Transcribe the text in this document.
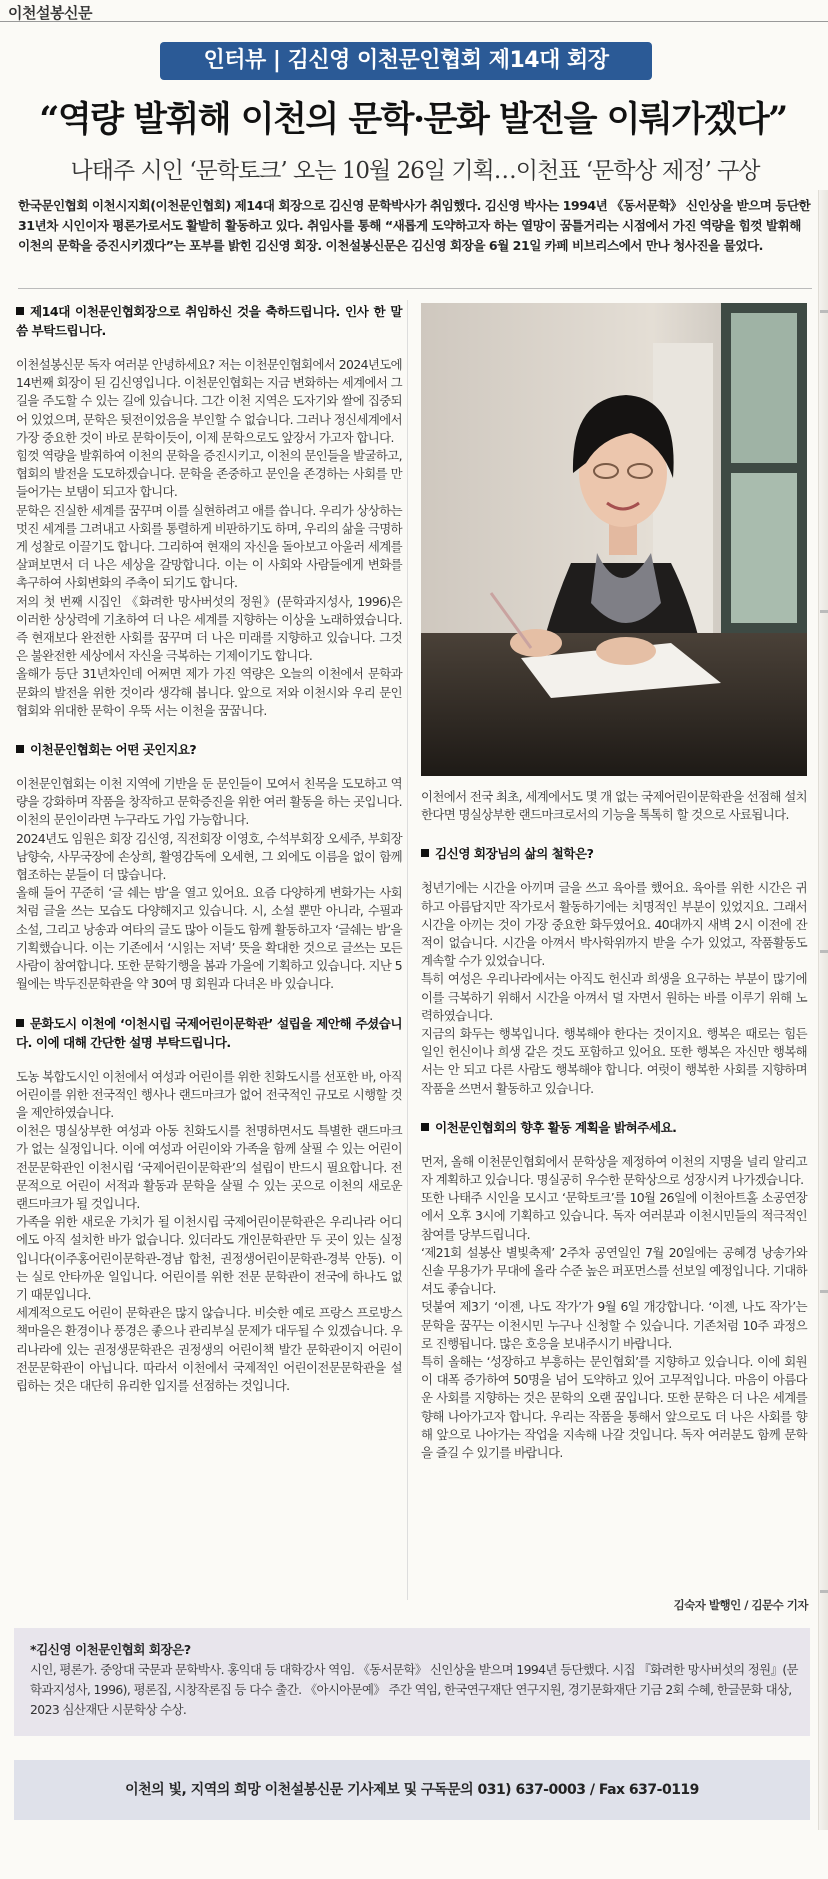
이천설봉신문
인터뷰 | 김신영 이천문인협회 제14대 회장
“역량 발휘해 이천의 문학·문화 발전을 이뤄가겠다”
나태주 시인 ‘문학토크’ 오는 10월 26일 기획…이천표 ‘문학상 제정’ 구상
한국문인협회 이천시지회(이천문인협회) 제14대 회장으로 김신영 문학박사가 취임했다. 김신영 박사는 1994년 《동서문학》 신인상을 받으며 등단한 31년차 시인이자 평론가로서도 활발히 활동하고 있다. 취임사를 통해 “새롭게 도약하고자 하는 열망이 꿈틀거리는 시점에서 가진 역량을 힘껏 발휘해 이천의 문학을 증진시키겠다”는 포부를 밝힌 김신영 회장. 이천설봉신문은 김신영 회장을 6월 21일 카페 비브리스에서 만나 청사진을 물었다.
제14대 이천문인협회장으로 취임하신 것을 축하드립니다. 인사 한 말씀 부탁드립니다.

이천설봉신문 독자 여러분 안녕하세요? 저는 이천문인협회에서 2024년도에 14번째 회장이 된 김신영입니다. 이천문인협회는 지금 변화하는 세계에서 그 길을 주도할 수 있는 길에 있습니다. 그간 이천 지역은 도자기와 쌀에 집중되어 있었으며, 문학은 뒷전이었음을 부인할 수 없습니다. 그러나 정신세계에서 가장 중요한 것이 바로 문학이듯이, 이제 문학으로도 앞장서 가고자 합니다.

힘껏 역량을 발휘하여 이천의 문학을 증진시키고, 이천의 문인들을 발굴하고, 협회의 발전을 도모하겠습니다. 문학을 존중하고 문인을 존경하는 사회를 만들어가는 보탬이 되고자 합니다.

문학은 진실한 세계를 꿈꾸며 이를 실현하려고 애를 씁니다. 우리가 상상하는 멋진 세계를 그려내고 사회를 통렬하게 비판하기도 하며, 우리의 삶을 극명하게 성찰로 이끌기도 합니다. 그리하여 현재의 자신을 돌아보고 아울러 세계를 살펴보면서 더 나은 세상을 갈망합니다. 이는 이 사회와 사람들에게 변화를 촉구하여 사회변화의 주축이 되기도 합니다.

저의 첫 번째 시집인 《화려한 망사버섯의 정원》(문학과지성사, 1996)은 이러한 상상력에 기초하여 더 나은 세계를 지향하는 이상을 노래하였습니다. 즉 현재보다 완전한 사회를 꿈꾸며 더 나은 미래를 지향하고 있습니다. 그것은 불완전한 세상에서 자신을 극복하는 기제이기도 합니다.

올해가 등단 31년차인데 어쩌면 제가 가진 역량은 오늘의 이천에서 문학과 문화의 발전을 위한 것이라 생각해 봅니다. 앞으로 저와 이천시와 우리 문인협회와 위대한 문학이 우뚝 서는 이천을 꿈꿉니다.

이천문인협회는 어떤 곳인지요?

이천문인협회는 이천 지역에 기반을 둔 문인들이 모여서 친목을 도모하고 역량을 강화하며 작품을 창작하고 문학증진을 위한 여러 활동을 하는 곳입니다. 이천의 문인이라면 누구라도 가입 가능합니다.

2024년도 임원은 회장 김신영, 직전회장 이영호, 수석부회장 오세주, 부회장 남향숙, 사무국장에 손상희, 활영감독에 오세현, 그 외에도 이름을 없이 함께 협조하는 분들이 더 많습니다.

올해 들어 꾸준히 ‘글 쉐는 밤’을 열고 있어요. 요즘 다양하게 변화가는 사회처럼 글을 쓰는 모습도 다양해지고 있습니다. 시, 소설 뿐만 아니라, 수필과 소설, 그리고 낭송과 여타의 글도 많아 이들도 함께 활동하고자 ‘글쉐는 밤’을 기획했습니다. 이는 기존에서 ‘시읽는 저녁’ 뜻을 확대한 것으로 글쓰는 모든 사람이 참여합니다. 또한 문학기행을 봄과 가을에 기획하고 있습니다. 지난 5월에는 박두진문학관을 약 30여 명 회원과 다녀온 바 있습니다.

문화도시 이천에 ‘이천시립 국제어린이문학관’ 설립을 제안해 주셨습니다. 이에 대해 간단한 설명 부탁드립니다.

도농 복합도시인 이천에서 여성과 어린이를 위한 친화도시를 선포한 바, 아직 어린이를 위한 전국적인 행사나 랜드마크가 없어 전국적인 규모로 시행할 것을 제안하였습니다.

이천은 명실상부한 여성과 아동 친화도시를 천명하면서도 특별한 랜드마크가 없는 실정입니다. 이에 여성과 어린이와 가족을 함께 살필 수 있는 어린이전문문학관인 이천시립 ‘국제어린이문학관’의 설립이 반드시 필요합니다. 전문적으로 어린이 서적과 활동과 문학을 살필 수 있는 곳으로 이천의 새로운 랜드마크가 될 것입니다.

가족을 위한 새로운 가치가 될 이천시립 국제어린이문학관은 우리나라 어디에도 아직 설치한 바가 없습니다. 있더라도 개인문학관만 두 곳이 있는 실정입니다(이주홍어린이문학관-경남 합천, 권정생어린이문학관-경북 안동). 이는 실로 안타까운 일입니다. 어린이를 위한 전문 문학관이 전국에 하나도 없기 때문입니다.

세계적으로도 어린이 문학관은 많지 않습니다. 비슷한 예로 프랑스 프로방스 책마을은 환경이나 풍경은 좋으나 관리부실 문제가 대두될 수 있겠습니다. 우리나라에 있는 권정생문학관은 권정생의 어린이책 발간 문학관이지 어린이 전문문학관이 아닙니다. 따라서 이천에서 국제적인 어린이전문문학관을 설립하는 것은 대단히 유리한 입지를 선점하는 것입니다.

이천에서 전국 최초, 세계에서도 몇 개 없는 국제어린이문학관을 선점해 설치한다면 명실상부한 랜드마크로서의 기능을 톡톡히 할 것으로 사료됩니다.

김신영 회장님의 삶의 철학은?

청년기에는 시간을 아끼며 글을 쓰고 육아를 했어요. 육아를 위한 시간은 귀하고 아름답지만 작가로서 활동하기에는 치명적인 부분이 있었지요. 그래서 시간을 아끼는 것이 가장 중요한 화두였어요. 40대까지 새벽 2시 이전에 잔 적이 없습니다. 시간을 아껴서 박사학위까지 받을 수가 있었고, 작품활동도 계속할 수가 있었습니다.

특히 여성은 우리나라에서는 아직도 헌신과 희생을 요구하는 부분이 많기에 이를 극복하기 위해서 시간을 아껴서 덜 자면서 원하는 바를 이루기 위해 노력하였습니다.

지금의 화두는 행복입니다. 행복해야 한다는 것이지요. 행복은 때로는 힘든 일인 헌신이나 희생 같은 것도 포함하고 있어요. 또한 행복은 자신만 행복해서는 안 되고 다른 사람도 행복해야 합니다. 여럿이 행복한 사회를 지향하며 작품을 쓰면서 활동하고 있습니다.

이천문인협회의 향후 활동 계획을 밝혀주세요.

먼저, 올해 이천문인협회에서 문학상을 제정하여 이천의 지명을 널리 알리고자 계획하고 있습니다. 명실공히 우수한 문학상으로 성장시켜 나가겠습니다.

또한 나태주 시인을 모시고 ‘문학토크’를 10월 26일에 이천아트홀 소공연장에서 오후 3시에 기획하고 있습니다. 독자 여러분과 이천시민들의 적극적인 참여를 당부드립니다.

‘제21회 설봉산 별빛축제’ 2주차 공연일인 7월 20일에는 공혜경 낭송가와 신솔 무용가가 무대에 올라 수준 높은 퍼포먼스를 선보일 예정입니다. 기대하셔도 좋습니다.

덧붙여 제3기 ‘이젠, 나도 작가’가 9월 6일 개강합니다. ‘이젠, 나도 작가’는 문학을 꿈꾸는 이천시민 누구나 신청할 수 있습니다. 기존처럼 10주 과정으로 진행됩니다. 많은 호응을 보내주시기 바랍니다.

특히 올해는 ‘성장하고 부흥하는 문인협회’를 지향하고 있습니다. 이에 회원이 대폭 증가하여 50명을 넘어 도약하고 있어 고무적입니다. 마음이 아름다운 사회를 지향하는 것은 문학의 오랜 꿈입니다. 또한 문학은 더 나은 세계를 향해 나아가고자 합니다. 우리는 작품을 통해서 앞으로도 더 나은 사회를 향해 앞으로 나아가는 작업을 지속해 나갈 것입니다. 독자 여러분도 함께 문학을 즐길 수 있기를 바랍니다.

김숙자 발행인 / 김문수 기자
*김신영 이천문인협회 회장은?
시인, 평론가. 중앙대 국문과 문학박사. 홍익대 등 대학강사 역임. 《동서문학》 신인상을 받으며 1994년 등단했다. 시집 『화려한 망사버섯의 정원』(문학과지성사, 1996), 평론집, 시창작론집 등 다수 출간. 《아시아문예》 주간 역임, 한국연구재단 연구지원, 경기문화재단 기금 2회 수혜, 한글문화 대상, 2023 심산재단 시문학상 수상.
이천의 빛, 지역의 희망 이천설봉신문 기사제보 및 구독문의 031) 637-0003 / Fax 637-0119
